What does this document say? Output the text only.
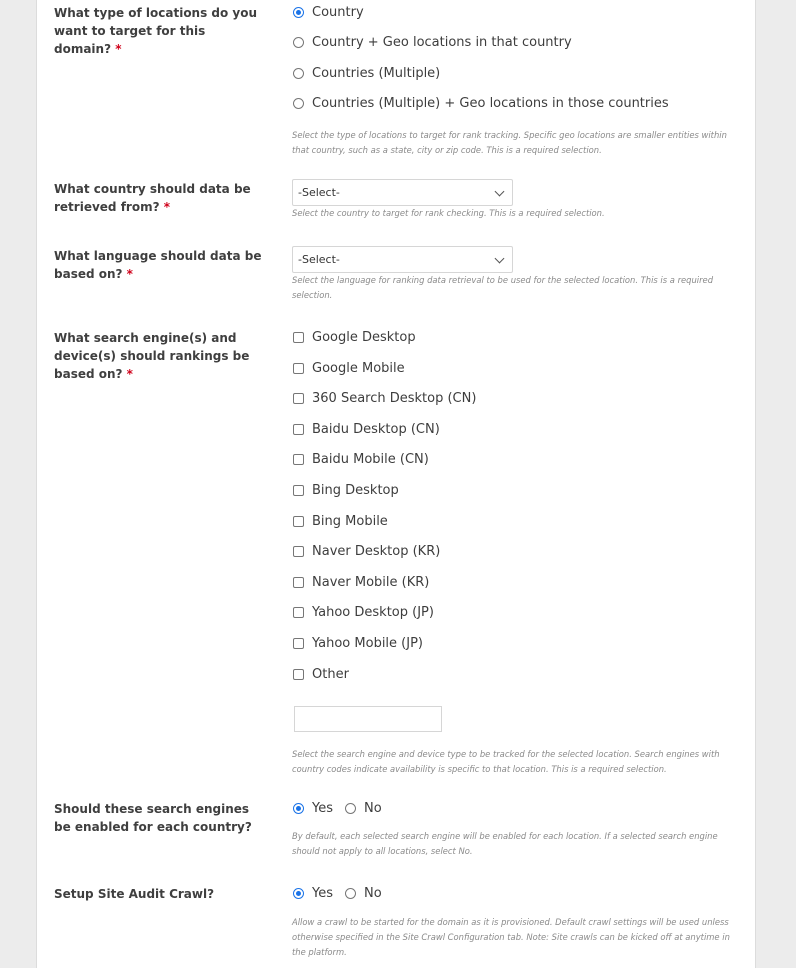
What type of locations do you want to target for this domain? *
Country
Country + Geo locations in that country
Countries (Multiple)
Countries (Multiple) + Geo locations in those countries
Select the type of locations to target for rank tracking. Specific geo locations are smaller entities within that country, such as a state, city or zip code. This is a required selection.
What country should data be retrieved from? *
-Select-
Select the country to target for rank checking. This is a required selection.
What language should data be based on? *
-Select-
Select the language for ranking data retrieval to be used for the selected location. This is a required selection.
What search engine(s) and device(s) should rankings be based on? *
Google Desktop
Google Mobile
360 Search Desktop (CN)
Baidu Desktop (CN)
Baidu Mobile (CN)
Bing Desktop
Bing Mobile
Naver Desktop (KR)
Naver Mobile (KR)
Yahoo Desktop (JP)
Yahoo Mobile (JP)
Other
Select the search engine and device type to be tracked for the selected location. Search engines with country codes indicate availability is specific to that location. This is a required selection.
Should these search engines be enabled for each country?
Yes No
By default, each selected search engine will be enabled for each location. If a selected search engine should not apply to all locations, select No.
Setup Site Audit Crawl?	Yes No
Allow a crawl to be started for the domain as it is provisioned. Default crawl settings will be used unless otherwise specified in the Site Crawl Configuration tab. Note: Site crawls can be kicked off at anytime in the platform.
